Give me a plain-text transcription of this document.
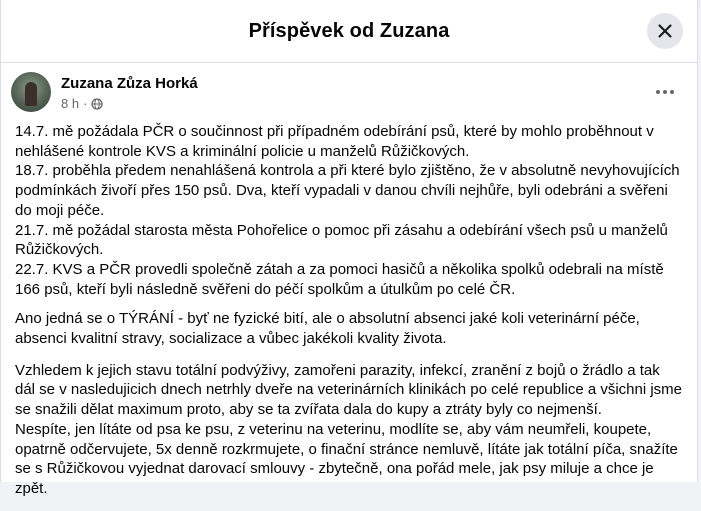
Příspěvek od Zuzana
Zuzana Zůza Horká
8 h ·

14.7. mě požádala PČR o součinnost při případném odebírání psů, které by mohlo proběhnout v nehlášené kontrole KVS a kriminální policie u manželů Růžičkových.
18.7. proběhla předem nenahlášená kontrola a při které bylo zjištěno, že v absolutně nevyhovujících podmínkách živoří přes 150 psů. Dva, kteří vypadali v danou chvíli nejhůře, byli odebráni a svěřeni do moji péče.
21.7. mě požádal starosta města Pohořelice o pomoc při zásahu a odebírání všech psů u manželů Růžičkových.
22.7. KVS a PČR provedli společně zátah a za pomoci hasičů a několika spolků odebrali na místě 166 psů, kteří byli následně svěřeni do péčí spolkům a útulkům po celé ČR.

Ano jedná se o TÝRÁNÍ - byť ne fyzické bití, ale o absolutní absenci jaké koli veterinární péče, absenci kvalitní stravy, socializace a vůbec jakékoli kvality života.

Vzhledem k jejich stavu totální podvýživy, zamořeni parazity, infekcí, zranění z bojů o žrádlo a tak dál se v nasledujicich dnech netrhly dveře na veterinárních klinikách po celé republice a všichni jsme se snažili dělat maximum proto, aby se ta zvířata dala do kupy a ztráty byly co nejmenší.
Nespíte, jen lítáte od psa ke psu, z veterinu na veterinu, modlíte se, aby vám neumřeli, koupete, opatrně odčervujete, 5x denně rozkrmujete, o finační stránce nemluvě, lítáte jak totální píča, snažíte se s Růžičkovou vyjednat darovací smlouvy - zbytečně, ona pořád mele, jak psy miluje a chce je zpět.
